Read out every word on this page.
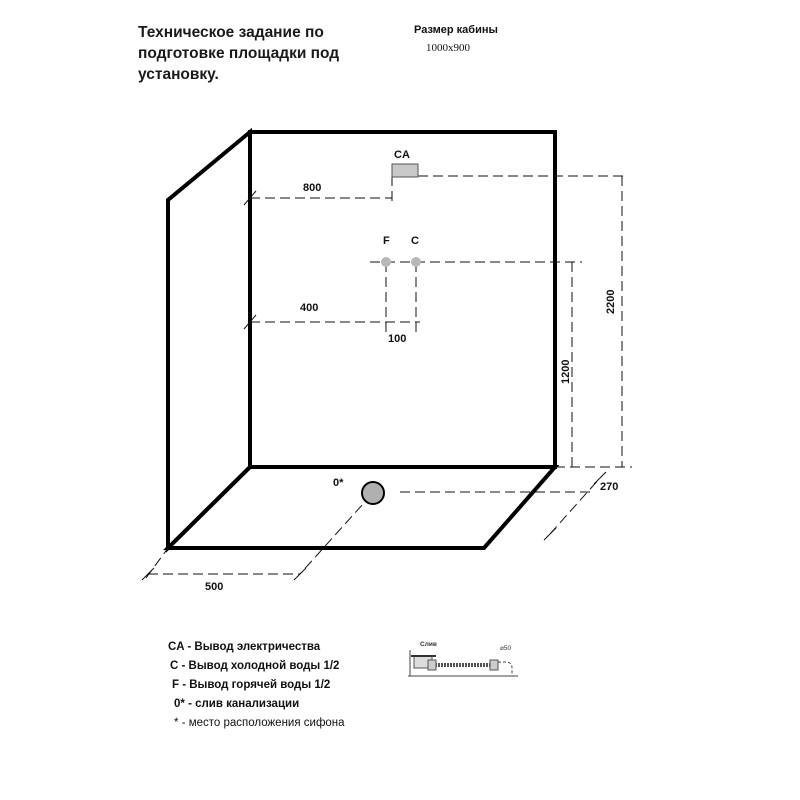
Техническое задание по
подготовке площадки под
установку.
Размер кабины
1000x900
CA
F C
0*
800
400
100
1200
2200
270
500
Слив
⌀50
CA - Вывод электричества
C - Вывод холодной воды 1/2
F - Вывод горячей воды 1/2
0* - слив канализации
* - место расположения сифона
